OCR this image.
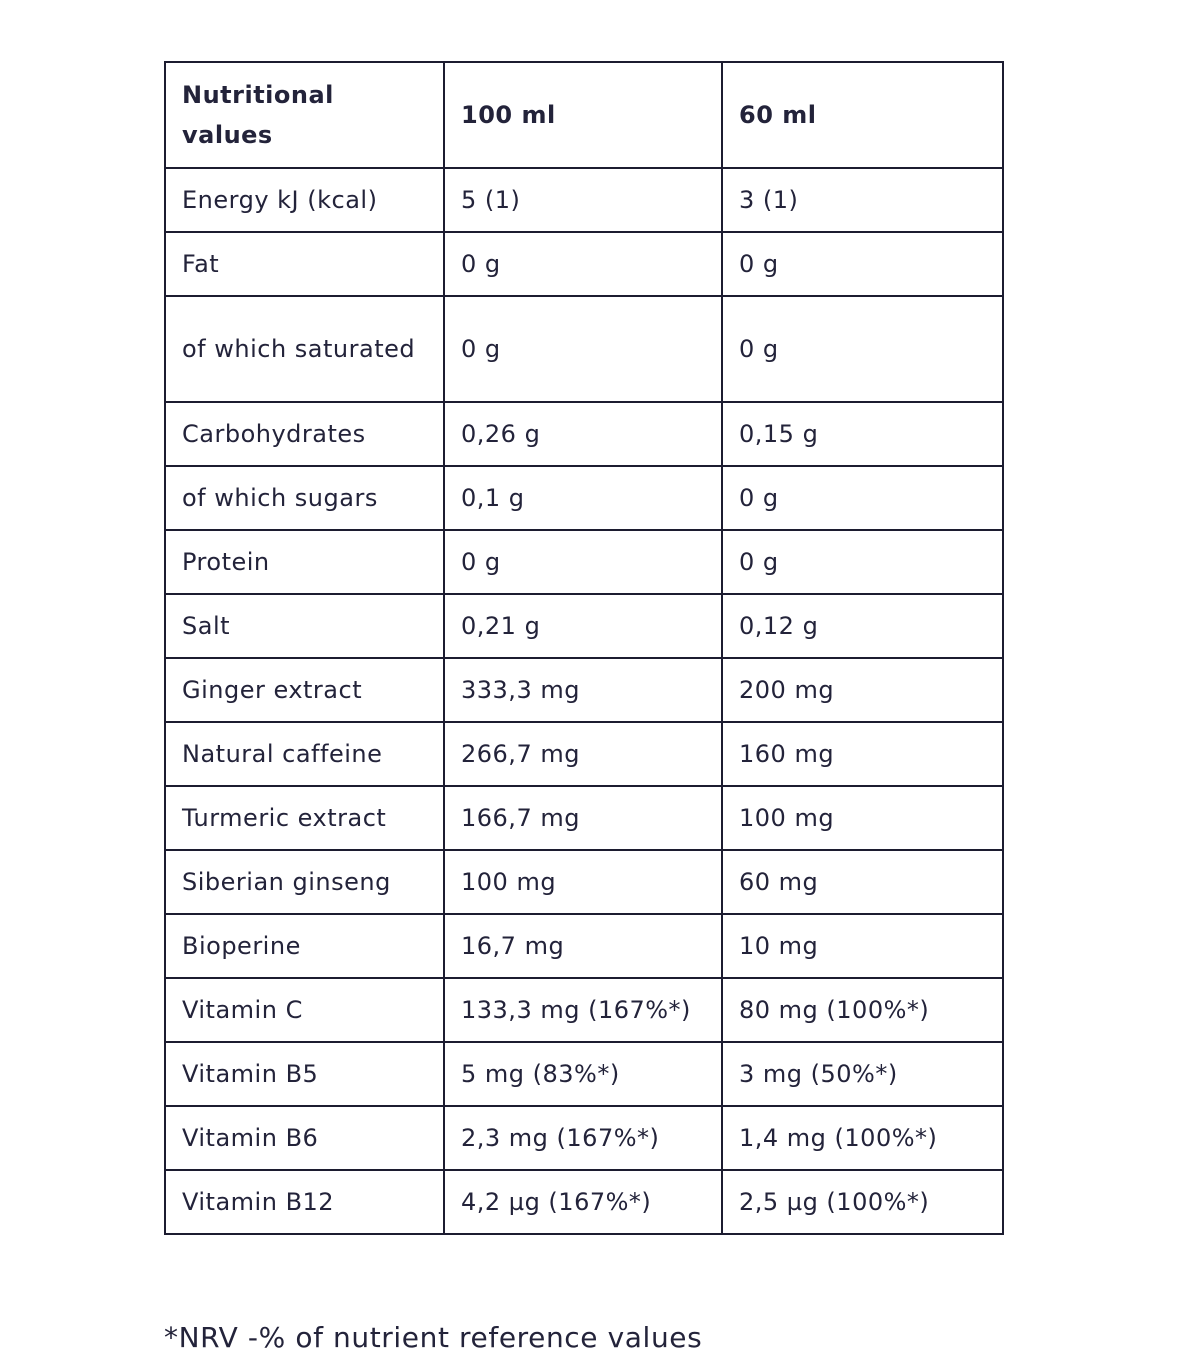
Nutritional values	100 ml	60 ml
Energy kJ (kcal)	5 (1)	3 (1)
Fat	0 g	0 g
of which saturated	0 g	0 g
Carbohydrates	0,26 g	0,15 g
of which sugars	0,1 g	0 g
Protein	0 g	0 g
Salt	0,21 g	0,12 g
Ginger extract	333,3 mg	200 mg
Natural caffeine	266,7 mg	160 mg
Turmeric extract	166,7 mg	100 mg
Siberian ginseng	100 mg	60 mg
Bioperine	16,7 mg	10 mg
Vitamin C	133,3 mg (167%*)	80 mg (100%*)
Vitamin B5	5 mg (83%*)	3 mg (50%*)
Vitamin B6	2,3 mg (167%*)	1,4 mg (100%*)
Vitamin B12	4,2 µg (167%*)	2,5 µg (100%*)

*NRV -% of nutrient reference values
